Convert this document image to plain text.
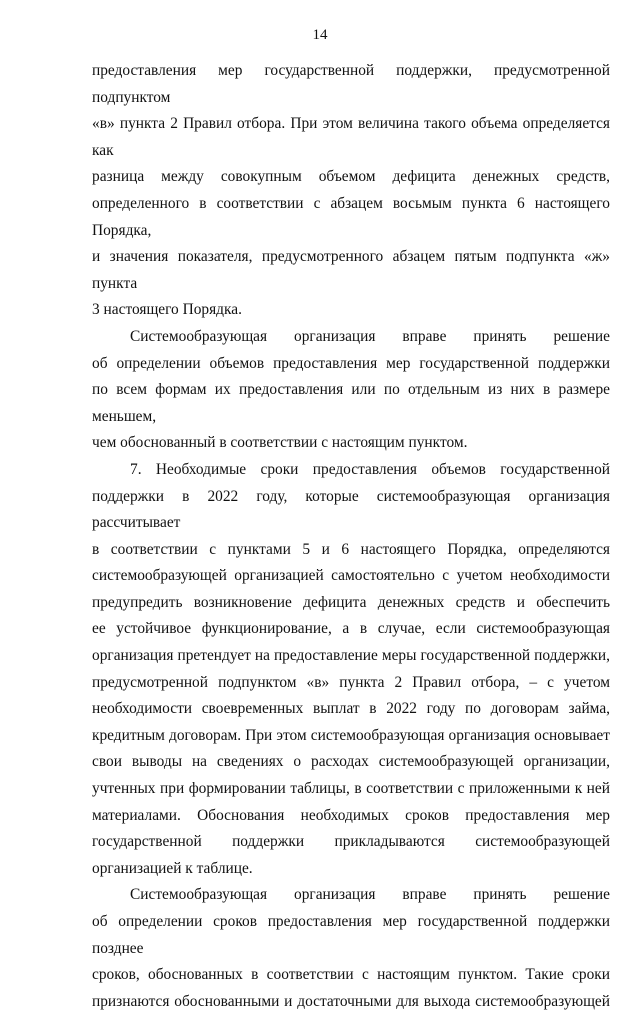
14

предоставления мер государственной поддержки, предусмотренной подпунктом
«в» пункта 2 Правил отбора. При этом величина такого объема определяется как
разница между совокупным объемом дефицита денежных средств,
определенного в соответствии с абзацем восьмым пункта 6 настоящего Порядка,
и значения показателя, предусмотренного абзацем пятым подпункта «ж» пункта
3 настоящего Порядка.

Системообразующая организация вправе принять решение
об определении объемов предоставления мер государственной поддержки
по всем формам их предоставления или по отдельным из них в размере меньшем,
чем обоснованный в соответствии с настоящим пунктом.

7. Необходимые сроки предоставления объемов государственной
поддержки в 2022 году, которые системообразующая организация рассчитывает
в соответствии с пунктами 5 и 6 настоящего Порядка, определяются
системообразующей организацией самостоятельно с учетом необходимости
предупредить возникновение дефицита денежных средств и обеспечить
ее устойчивое функционирование, а в случае, если системообразующая
организация претендует на предоставление меры государственной поддержки,
предусмотренной подпунктом «в» пункта 2 Правил отбора, – с учетом
необходимости своевременных выплат в 2022 году по договорам займа,
кредитным договорам. При этом системообразующая организация основывает
свои выводы на сведениях о расходах системообразующей организации,
учтенных при формировании таблицы, в соответствии с приложенными к ней
материалами. Обоснования необходимых сроков предоставления мер
государственной поддержки прикладываются системообразующей
организацией к таблице.

Системообразующая организация вправе принять решение
об определении сроков предоставления мер государственной поддержки позднее
сроков, обоснованных в соответствии с настоящим пунктом. Такие сроки
признаются обоснованными и достаточными для выхода системообразующей
